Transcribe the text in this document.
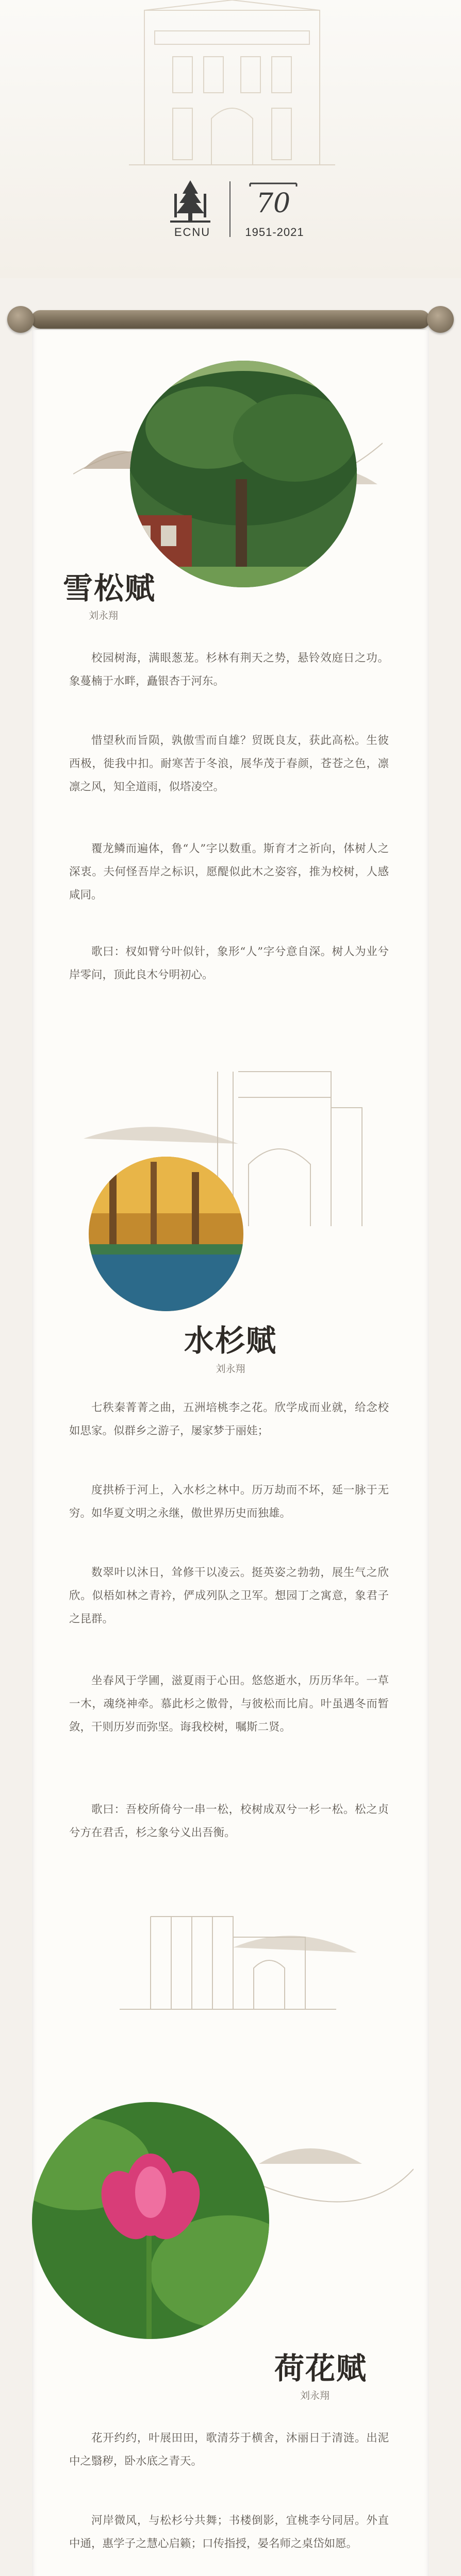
ECNU
70
1951-2021
雪松赋
刘永翔

校园树海，满眼葱茏。杉林有荆天之势，悬铃效庭日之功。象蔓楠于水畔，矗银杏于河东。

惜望秋而旨陨，孰傲雪而自雄？贸既良友，获此高松。生彼西极，徙我中扣。耐寒苦于冬浪，展华茂于春颜，苍苍之色，凛凛之风，知全道雨，似塔凌空。

覆龙鳞而遍体，鲁“人”字以数重。斯育才之祈向，体树人之深衷。夫何怪吾岸之标识，愿醍似此木之姿容，推为校树，人感咸同。

歌曰：杈如臂兮叶似针，象形“人”字兮意自深。树人为业兮岸零问，顶此良木兮明初心。

水杉赋
刘永翔

七秩秦菁菁之曲，五洲培桃李之花。欣学成而业就，给念校如思家。似群乡之游子，屡家梦于丽娃；

度拱桥于河上，入水杉之林中。历万劫而不坏，延一脉于无穷。如华夏文明之永继，傲世界历史而独雄。

数翠叶以沐日，耸修干以凌云。挺英姿之勃勃，展生气之欣欣。似梧如林之青衿，俨成列队之卫军。想园丁之寓意，象君子之昆群。

坐春风于学圃，滋夏雨于心田。悠悠逝水，历历华年。一草一木，魂绕神牵。慕此杉之傲骨，与彼松而比肩。叶虽遇冬而暂敛，干则历岁而弥坚。诲我校树，嘱斯二贤。

歌曰：吾校所倚兮一串一松，校树成双兮一杉一松。松之贞兮方在君舌，杉之象兮义出吾衡。

荷花赋
刘永翔

花开约约，叶展田田，歌清芬于横舍，沐丽日于清涟。出泥中之翳秽，卧水底之青天。

河岸微风，与松杉兮共舞；书楼倒影，宜桃李兮同居。外直中通，惠学子之慧心启籁；口传指授，晏名师之桌岱如愿。
